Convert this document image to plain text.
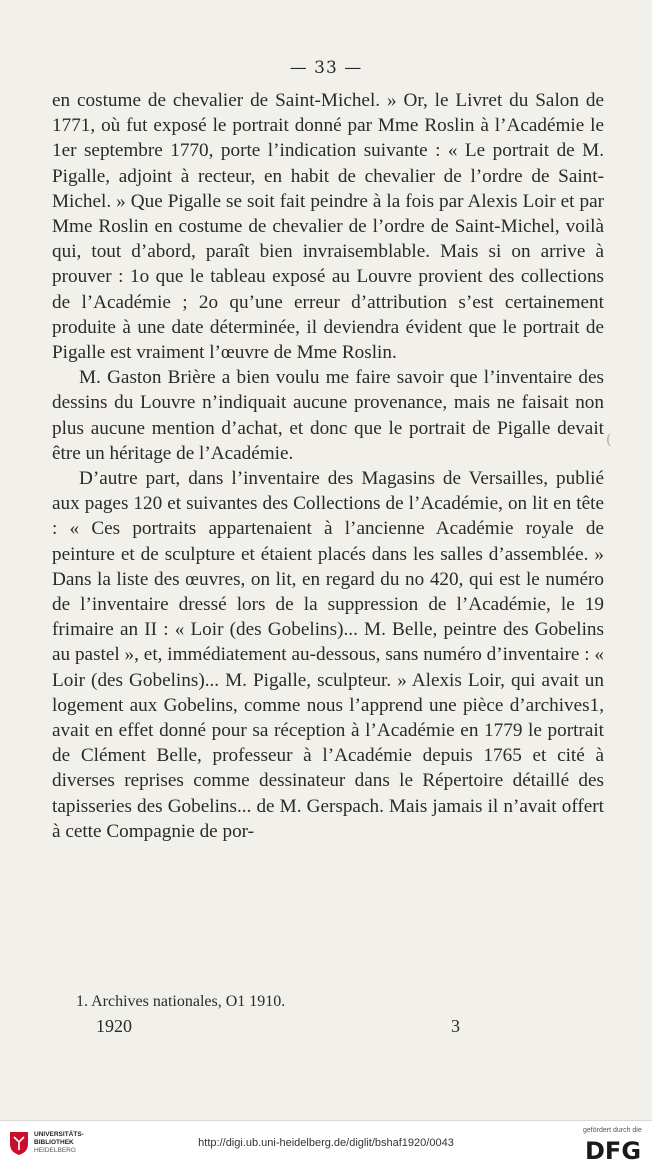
— 33 —

en costume de chevalier de Saint-Michel. » Or, le Livret du Salon de 1771, où fut exposé le portrait donné par Mme Roslin à l’Académie le 1er septembre 1770, porte l’indication suivante : « Le portrait de M. Pigalle, adjoint à recteur, en habit de chevalier de l’ordre de Saint-Michel. » Que Pigalle se soit fait peindre à la fois par Alexis Loir et par Mme Roslin en costume de chevalier de l’ordre de Saint-Michel, voilà qui, tout d’abord, paraît bien invraisemblable. Mais si on arrive à prouver : 1o que le tableau exposé au Louvre provient des collections de l’Académie ; 2o qu’une erreur d’attribution s’est certainement produite à une date déterminée, il deviendra évident que le portrait de Pigalle est vraiment l’œuvre de Mme Roslin.

M. Gaston Brière a bien voulu me faire savoir que l’inventaire des dessins du Louvre n’indiquait aucune provenance, mais ne faisait non plus aucune mention d’achat, et donc que le portrait de Pigalle devait être un héritage de l’Académie.

D’autre part, dans l’inventaire des Magasins de Versailles, publié aux pages 120 et suivantes des Collections de l’Académie, on lit en tête : « Ces portraits appartenaient à l’ancienne Académie royale de peinture et de sculpture et étaient placés dans les salles d’assemblée. » Dans la liste des œuvres, on lit, en regard du no 420, qui est le numéro de l’inventaire dressé lors de la suppression de l’Académie, le 19 frimaire an II : « Loir (des Gobelins)... M. Belle, peintre des Gobelins au pastel », et, immédiatement au-dessous, sans numéro d’inventaire : « Loir (des Gobelins)... M. Pigalle, sculpteur. » Alexis Loir, qui avait un logement aux Gobelins, comme nous l’apprend une pièce d’archives1, avait en effet donné pour sa réception à l’Académie en 1779 le portrait de Clément Belle, professeur à l’Académie depuis 1765 et cité à diverses reprises comme dessinateur dans le Répertoire détaillé des tapisseries des Gobelins... de M. Gerspach. Mais jamais il n’avait offert à cette Compagnie de por-

(
1. Archives nationales, O1 1910.
1920	3
UNIVERSITÄTS-
BIBLIOTHEK
HEIDELBERG
http://digi.ub.uni-heidelberg.de/diglit/bshaf1920/0043
gefördert durch die
DFG
